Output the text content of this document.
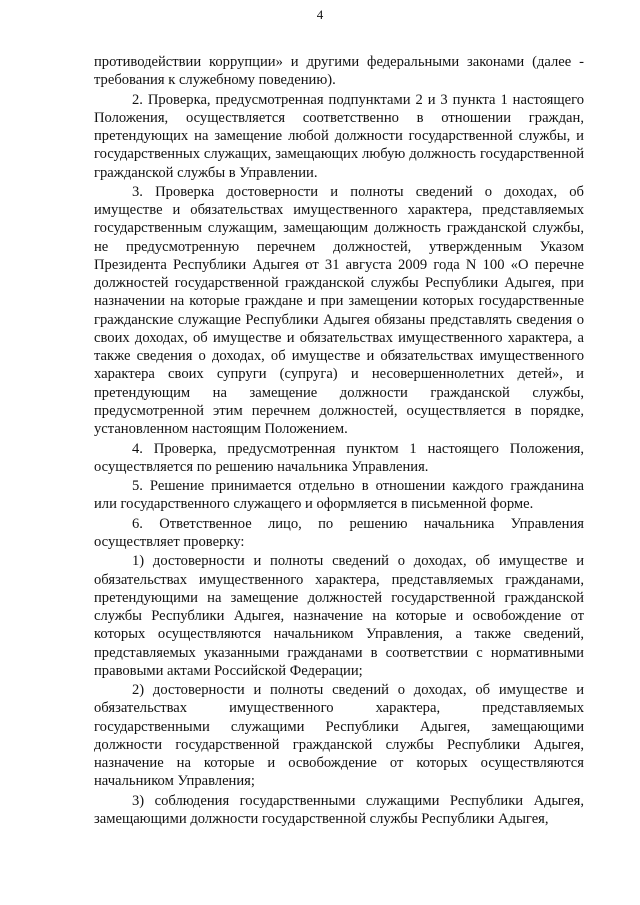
4

противодействии коррупции» и другими федеральными законами (далее - требования к служебному поведению).

2. Проверка, предусмотренная подпунктами 2 и 3 пункта 1 настоящего Положения, осуществляется соответственно в отношении граждан, претендующих на замещение любой должности государственной службы, и государственных служащих, замещающих любую должность государственной гражданской службы в Управлении.

3. Проверка достоверности и полноты сведений о доходах, об имуществе и обязательствах имущественного характера, представляемых государственным служащим, замещающим должность гражданской службы, не предусмотренную перечнем должностей, утвержденным Указом Президента Республики Адыгея от 31 августа 2009 года N 100 «О перечне должностей государственной гражданской службы Республики Адыгея, при назначении на которые граждане и при замещении которых государственные гражданские служащие Республики Адыгея обязаны представлять сведения о своих доходах, об имуществе и обязательствах имущественного характера, а также сведения о доходах, об имуществе и обязательствах имущественного характера своих супруги (супруга) и несовершеннолетних детей», и претендующим на замещение должности гражданской службы, предусмотренной этим перечнем должностей, осуществляется в порядке, установленном настоящим Положением.

4. Проверка, предусмотренная пунктом 1 настоящего Положения, осуществляется по решению начальника Управления.

5. Решение принимается отдельно в отношении каждого гражданина или государственного служащего и оформляется в письменной форме.

6. Ответственное лицо, по решению начальника Управления осуществляет проверку:

1) достоверности и полноты сведений о доходах, об имуществе и обязательствах имущественного характера, представляемых гражданами, претендующими на замещение должностей государственной гражданской службы Республики Адыгея, назначение на которые и освобождение от которых осуществляются начальником Управления, а также сведений, представляемых указанными гражданами в соответствии с нормативными правовыми актами Российской Федерации;

2) достоверности и полноты сведений о доходах, об имуществе и обязательствах имущественного характера, представляемых государственными служащими Республики Адыгея, замещающими должности государственной гражданской службы Республики Адыгея, назначение на которые и освобождение от которых осуществляются начальником Управления;

3) соблюдения государственными служащими Республики Адыгея, замещающими должности государственной службы Республики Адыгея,
